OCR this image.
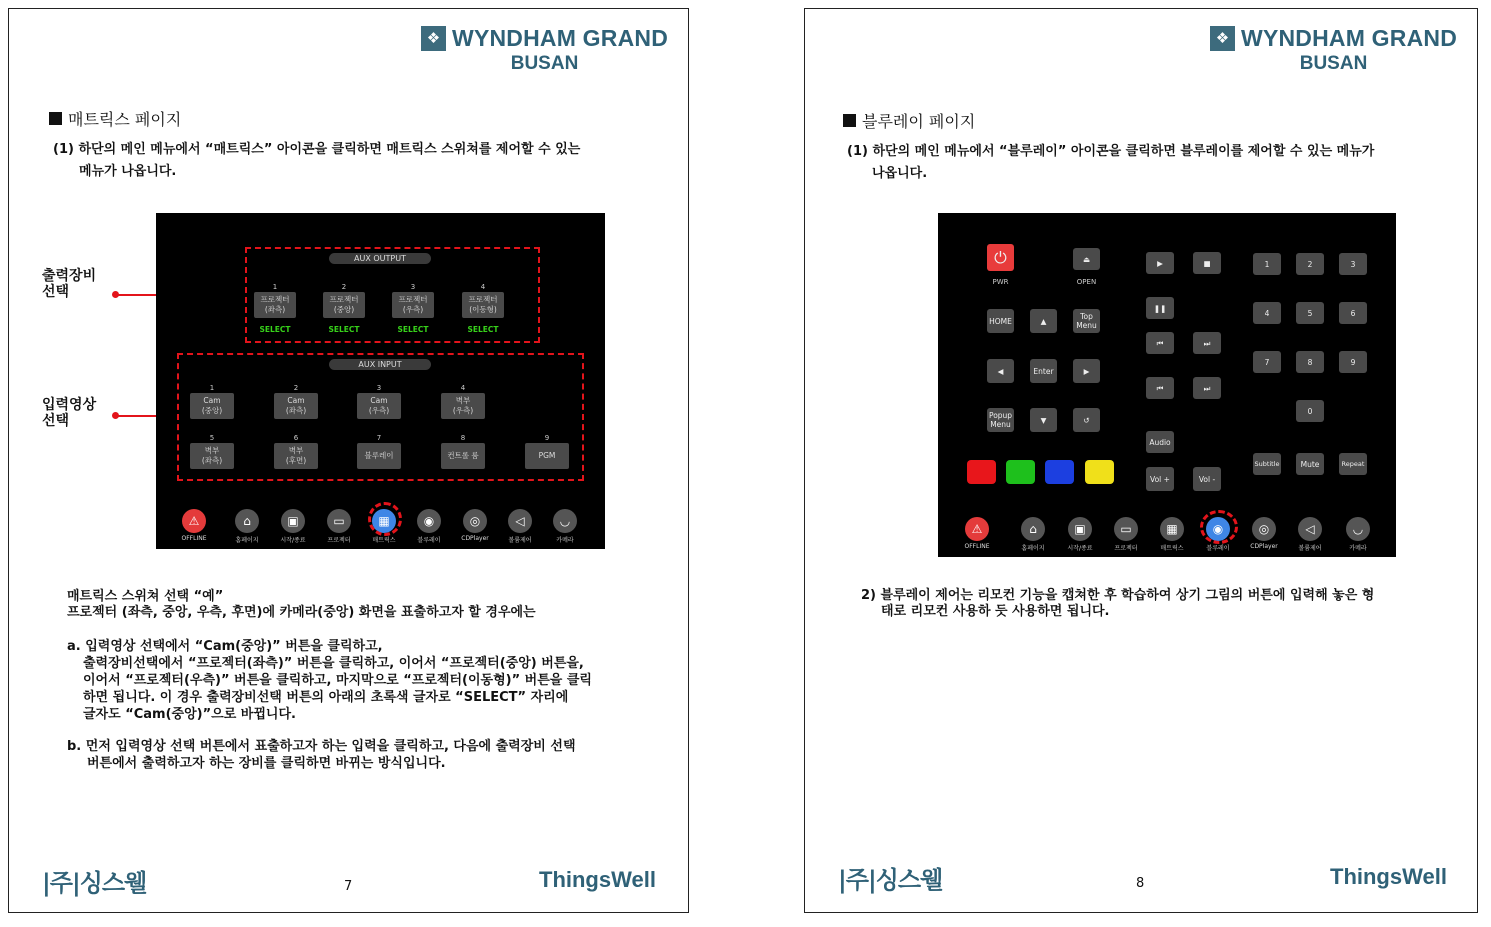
❖ WYNDHAM GRAND
BUSAN
매트릭스 페이지
(1) 하단의 메인 메뉴에서 “매트릭스” 아이콘을 클릭하면 매트릭스 스위쳐를 제어할 수 있는
메뉴가 나옵니다.
출력장비
선택
입력영상
선택
AUX OUTPUT
1
프로젝터
(좌측)
SELECT
2
프로젝터
(중앙)
SELECT
3
프로젝터
(우측)
SELECT
4
프로젝터
(이동형)
SELECT
AUX INPUT
1
Cam
(중앙)
2
Cam
(좌측)
3
Cam
(우측)
4
벽부
(우측)
5
벽부
(좌측)
6
벽부
(후면)
7
블루레이
8
컨트롤 룸
9
PGM
⚠
OFFLINE
⌂
홈페이지
▣
시작/종료
▭
프로젝터
▦
매트릭스
◉
블루레이
◎
CDPlayer
◁
볼륨제어
◡
카메라
매트릭스 스위쳐 선택 “예”
프로젝터 (좌측, 중앙, 우측, 후면)에 카메라(중앙) 화면을 표출하고자 할 경우에는
a. 입력영상 선택에서 “Cam(중앙)” 버튼을 클릭하고,
출력장비선택에서 “프로젝터(좌측)” 버튼을 클릭하고, 이어서 “프로젝터(중앙) 버튼을,
이어서 “프로젝터(우측)” 버튼을 클릭하고, 마지막으로 “프로젝터(이동형)” 버튼을 클릭
하면 됩니다. 이 경우 출력장비선택 버튼의 아래의 초록색 글자로 “SELECT” 자리에
글자도 “Cam(중앙)”으로 바뀝니다.
b. 먼저 입력영상 선택 버튼에서 표출하고자 하는 입력을 클릭하고, 다음에 출력장비 선택
버튼에서 출력하고자 하는 장비를 클릭하면 바뀌는 방식입니다.
|주|싱스웰	7	ThingsWell
❖ WYNDHAM GRAND
BUSAN
블루레이 페이지
(1) 하단의 메인 메뉴에서 “블루레이” 아이콘을 클릭하면 블루레이를 제어할 수 있는 메뉴가
나옵니다.
⏻
PWR
⏏
OPEN
HOME	▲	Top Menu
◀	Enter	▶
Popup Menu	▼	↺
▶	■
❚❚
⏮	⏭
⏮	⏭
Audio
Vol +	Vol -
1	2	3
4	5	6
7	8	9
0
Subtitle	Mute	Repeat
⚠
OFFLINE
⌂
홈페이지
▣
시작/종료
▭
프로젝터
▦
매트릭스
◉
블루레이
◎
CDPlayer
◁
볼륨제어
◡
카메라
2) 블루레이 제어는 리모컨 기능을 캡쳐한 후 학습하여 상기 그림의 버튼에 입력해 놓은 형
태로 리모컨 사용하 듯 사용하면 됩니다.
|주|싱스웰	8	ThingsWell
